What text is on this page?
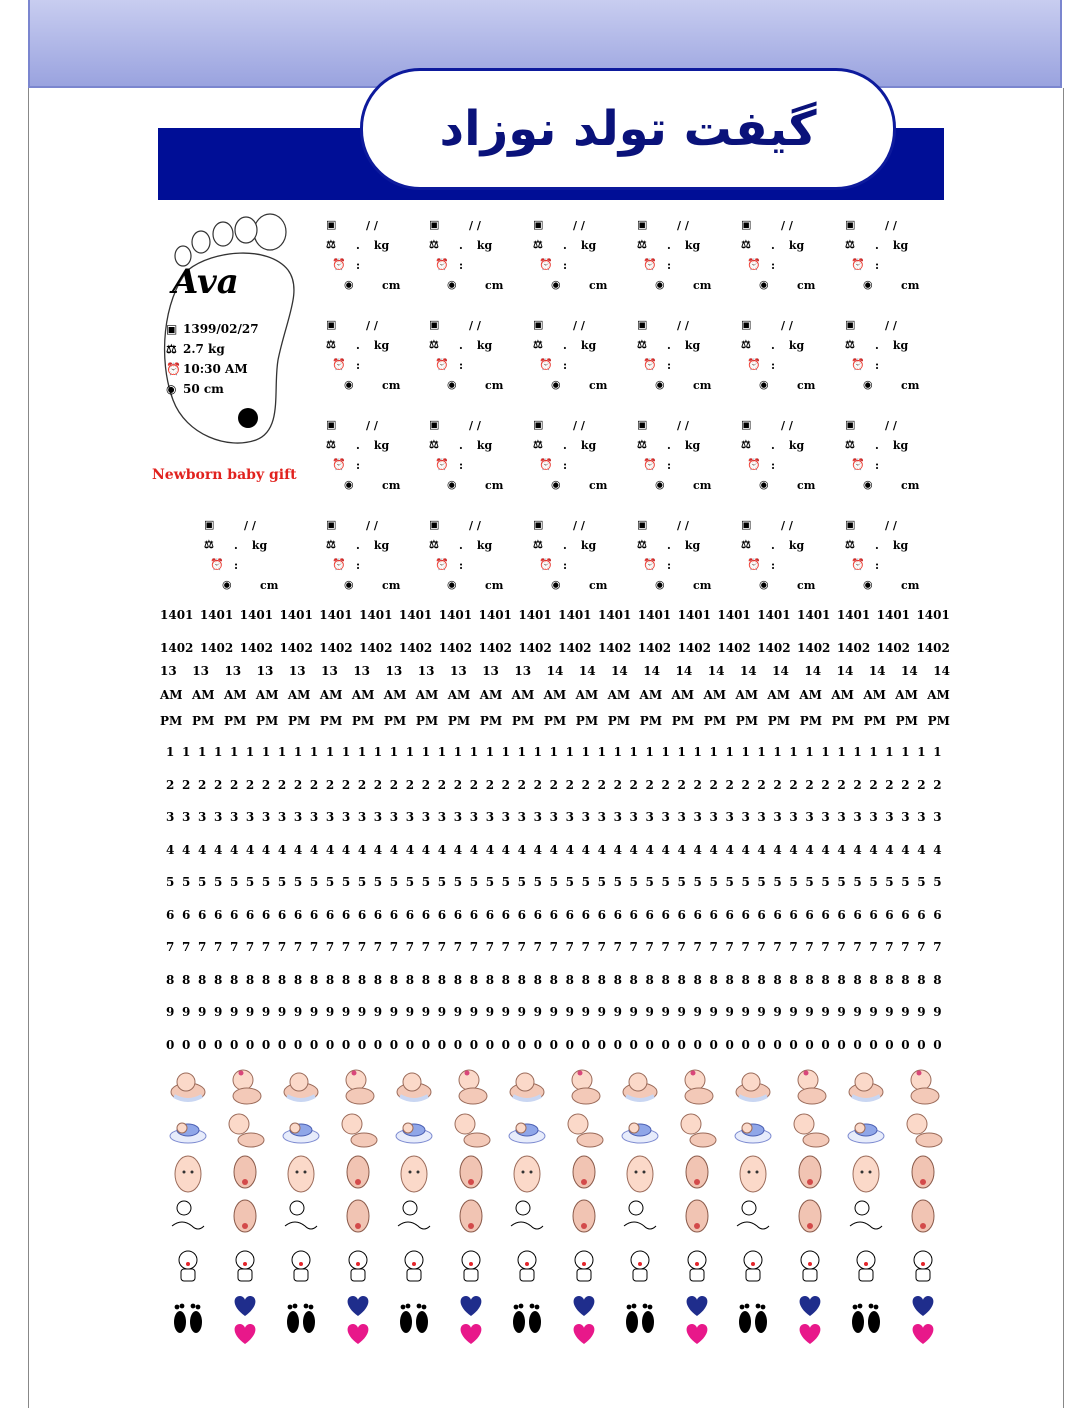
گیفت تولد نوزاد
Ava
▣ 1399/02/27
⚖ 2.7 kg
⏰ 10:30 AM
◉ 50 cm
Newborn baby gift
▣	/ /
⚖	. kg
⏰ :
◉	cm
▣	/ /
⚖	. kg
⏰ :
◉	cm
▣	/ /
⚖	. kg
⏰ :
◉	cm
▣	/ /
⚖	. kg
⏰ :
◉	cm
▣	/ /
⚖	. kg
⏰ :
◉	cm
▣	/ /
⚖	. kg
⏰ :
◉	cm
▣	/ /
⚖	. kg
⏰ :
◉	cm
▣	/ /
⚖	. kg
⏰ :
◉	cm
▣	/ /
⚖	. kg
⏰ :
◉	cm
▣	/ /
⚖	. kg
⏰ :
◉	cm
▣	/ /
⚖	. kg
⏰ :
◉	cm
▣	/ /
⚖	. kg
⏰ :
◉	cm
▣	/ /
⚖	. kg
⏰ :
◉	cm
▣	/ /
⚖	. kg
⏰ :
◉	cm
▣	/ /
⚖	. kg
⏰ :
◉	cm
▣	/ /
⚖	. kg
⏰ :
◉	cm
▣	/ /
⚖	. kg
⏰ :
◉	cm
▣	/ /
⚖	. kg
⏰ :
◉	cm
▣	/ /
⚖	. kg
⏰ :
◉	cm
▣	/ /
⚖	. kg
⏰ :
◉	cm
▣	/ /
⚖	. kg
⏰ :
◉	cm
▣	/ /
⚖	. kg
⏰ :
◉	cm
▣	/ /
⚖	. kg
⏰ :
◉	cm
▣	/ /
⚖	. kg
⏰ :
◉	cm
▣	/ /
⚖	. kg
⏰ :
◉	cm
1401 1401 1401 1401 1401 1401 1401 1401 1401 1401 1401 1401 1401 1401 1401 1401 1401 1401 1401 1401
1402 1402 1402 1402 1402 1402 1402 1402 1402 1402 1402 1402 1402 1402 1402 1402 1402 1402 1402 1402
13 13 13 13 13 13 13 13 13 13 13 13 14 14 14 14 14 14 14 14 14 14 14 14 14
AM AM AM AM AM AM AM AM AM AM AM AM AM AM AM AM AM AM AM AM AM AM AM AM AM
PM PM PM PM PM PM PM PM PM PM PM PM PM PM PM PM PM PM PM PM PM PM PM PM PM
1 1 1 1 1 1 1 1 1 1 1 1 1 1 1 1 1 1 1 1 1 1 1 1 1 1 1 1 1 1 1 1 1 1 1 1 1 1 1 1 1 1 1 1 1 1 1 1 1
2 2 2 2 2 2 2 2 2 2 2 2 2 2 2 2 2 2 2 2 2 2 2 2 2 2 2 2 2 2 2 2 2 2 2 2 2 2 2 2 2 2 2 2 2 2 2 2 2
3 3 3 3 3 3 3 3 3 3 3 3 3 3 3 3 3 3 3 3 3 3 3 3 3 3 3 3 3 3 3 3 3 3 3 3 3 3 3 3 3 3 3 3 3 3 3 3 3
4 4 4 4 4 4 4 4 4 4 4 4 4 4 4 4 4 4 4 4 4 4 4 4 4 4 4 4 4 4 4 4 4 4 4 4 4 4 4 4 4 4 4 4 4 4 4 4 4
5 5 5 5 5 5 5 5 5 5 5 5 5 5 5 5 5 5 5 5 5 5 5 5 5 5 5 5 5 5 5 5 5 5 5 5 5 5 5 5 5 5 5 5 5 5 5 5 5
6 6 6 6 6 6 6 6 6 6 6 6 6 6 6 6 6 6 6 6 6 6 6 6 6 6 6 6 6 6 6 6 6 6 6 6 6 6 6 6 6 6 6 6 6 6 6 6 6
7 7 7 7 7 7 7 7 7 7 7 7 7 7 7 7 7 7 7 7 7 7 7 7 7 7 7 7 7 7 7 7 7 7 7 7 7 7 7 7 7 7 7 7 7 7 7 7 7
8 8 8 8 8 8 8 8 8 8 8 8 8 8 8 8 8 8 8 8 8 8 8 8 8 8 8 8 8 8 8 8 8 8 8 8 8 8 8 8 8 8 8 8 8 8 8 8 8
9 9 9 9 9 9 9 9 9 9 9 9 9 9 9 9 9 9 9 9 9 9 9 9 9 9 9 9 9 9 9 9 9 9 9 9 9 9 9 9 9 9 9 9 9 9 9 9 9
0 0 0 0 0 0 0 0 0 0 0 0 0 0 0 0 0 0 0 0 0 0 0 0 0 0 0 0 0 0 0 0 0 0 0 0 0 0 0 0 0 0 0 0 0 0 0 0 0
